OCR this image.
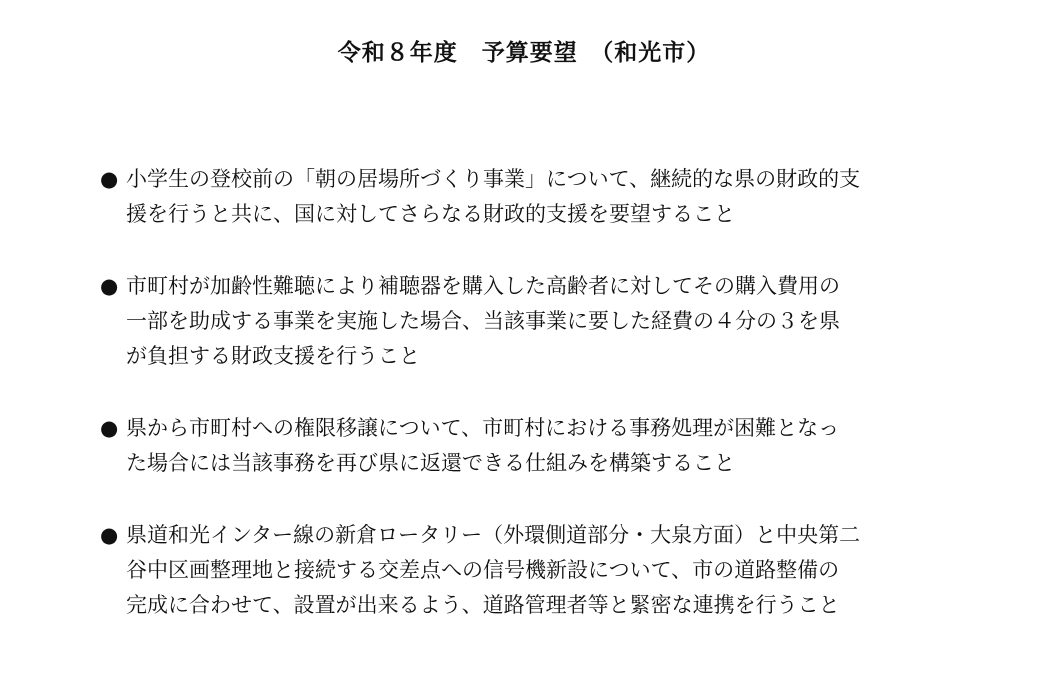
令和８年度　予算要望　（和光市）
● 小学生の登校前の「朝の居場所づくり事業」について、継続的な県の財政的支
援を行うと共に、国に対してさらなる財政的支援を要望すること
● 市町村が加齢性難聴により補聴器を購入した高齢者に対してその購入費用の
一部を助成する事業を実施した場合、当該事業に要した経費の４分の３を県
が負担する財政支援を行うこと
● 県から市町村への権限移譲について、市町村における事務処理が困難となっ
た場合には当該事務を再び県に返還できる仕組みを構築すること
● 県道和光インター線の新倉ロータリー（外環側道部分・大泉方面）と中央第二
谷中区画整理地と接続する交差点への信号機新設について、市の道路整備の
完成に合わせて、設置が出来るよう、道路管理者等と緊密な連携を行うこと
